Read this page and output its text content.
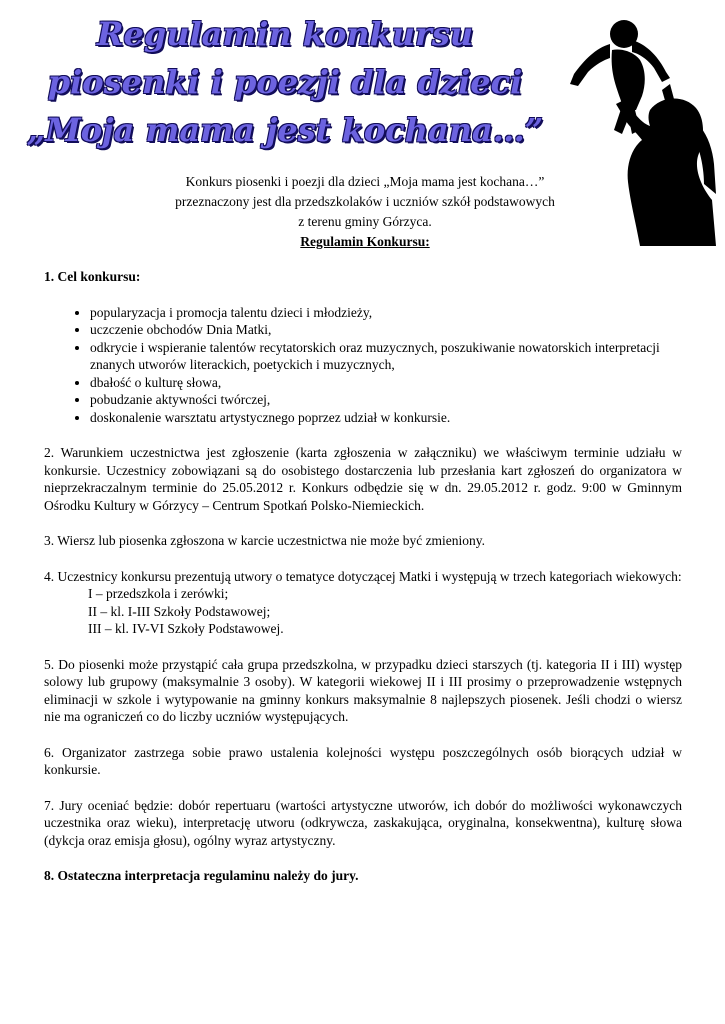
Regulamin konkursu
piosenki i poezji dla dzieci
„Moja mama jest kochana…”
Konkurs piosenki i poezji dla dzieci „Moja mama jest kochana…”
przeznaczony jest dla przedszkolaków i uczniów szkół podstawowych
z terenu gminy Górzyca.
Regulamin Konkursu:
1. Cel konkursu:
• popularyzacja i promocja talentu dzieci i młodzieży,
• uczczenie obchodów Dnia Matki,
• odkrycie i wspieranie talentów recytatorskich oraz muzycznych, poszukiwanie nowatorskich interpretacji znanych utworów literackich, poetyckich i muzycznych,
• dbałość o kulturę słowa,
• pobudzanie aktywności twórczej,
• doskonalenie warsztatu artystycznego poprzez udział w konkursie.

2. Warunkiem uczestnictwa jest zgłoszenie (karta zgłoszenia w załączniku) we właściwym terminie udziału w konkursie. Uczestnicy zobowiązani są do osobistego dostarczenia lub przesłania kart zgłoszeń do organizatora w nieprzekraczalnym terminie do 25.05.2012 r. Konkurs odbędzie się w dn. 29.05.2012 r. godz. 9:00 w Gminnym Ośrodku Kultury w Górzycy – Centrum Spotkań Polsko-Niemieckich.

3. Wiersz lub piosenka zgłoszona w karcie uczestnictwa nie może być zmieniony.

4. Uczestnicy konkursu prezentują utwory o tematyce dotyczącej Matki i występują w trzech kategoriach wiekowych:
I – przedszkola i zerówki;
II – kl. I-III Szkoły Podstawowej;
III – kl. IV-VI Szkoły Podstawowej.

5. Do piosenki może przystąpić cała grupa przedszkolna, w przypadku dzieci starszych (tj. kategoria II i III) występ solowy lub grupowy (maksymalnie 3 osoby). W kategorii wiekowej II i III prosimy o przeprowadzenie wstępnych eliminacji w szkole i wytypowanie na gminny konkurs maksymalnie 8 najlepszych piosenek. Jeśli chodzi o wiersz nie ma ograniczeń co do liczby uczniów występujących.

6. Organizator zastrzega sobie prawo ustalenia kolejności występu poszczególnych osób biorących udział w konkursie.

7. Jury oceniać będzie: dobór repertuaru (wartości artystyczne utworów, ich dobór do możliwości wykonawczych uczestnika oraz wieku), interpretację utworu (odkrywcza, zaskakująca, oryginalna, konsekwentna), kulturę słowa (dykcja oraz emisja głosu), ogólny wyraz artystyczny.

8. Ostateczna interpretacja regulaminu należy do jury.
